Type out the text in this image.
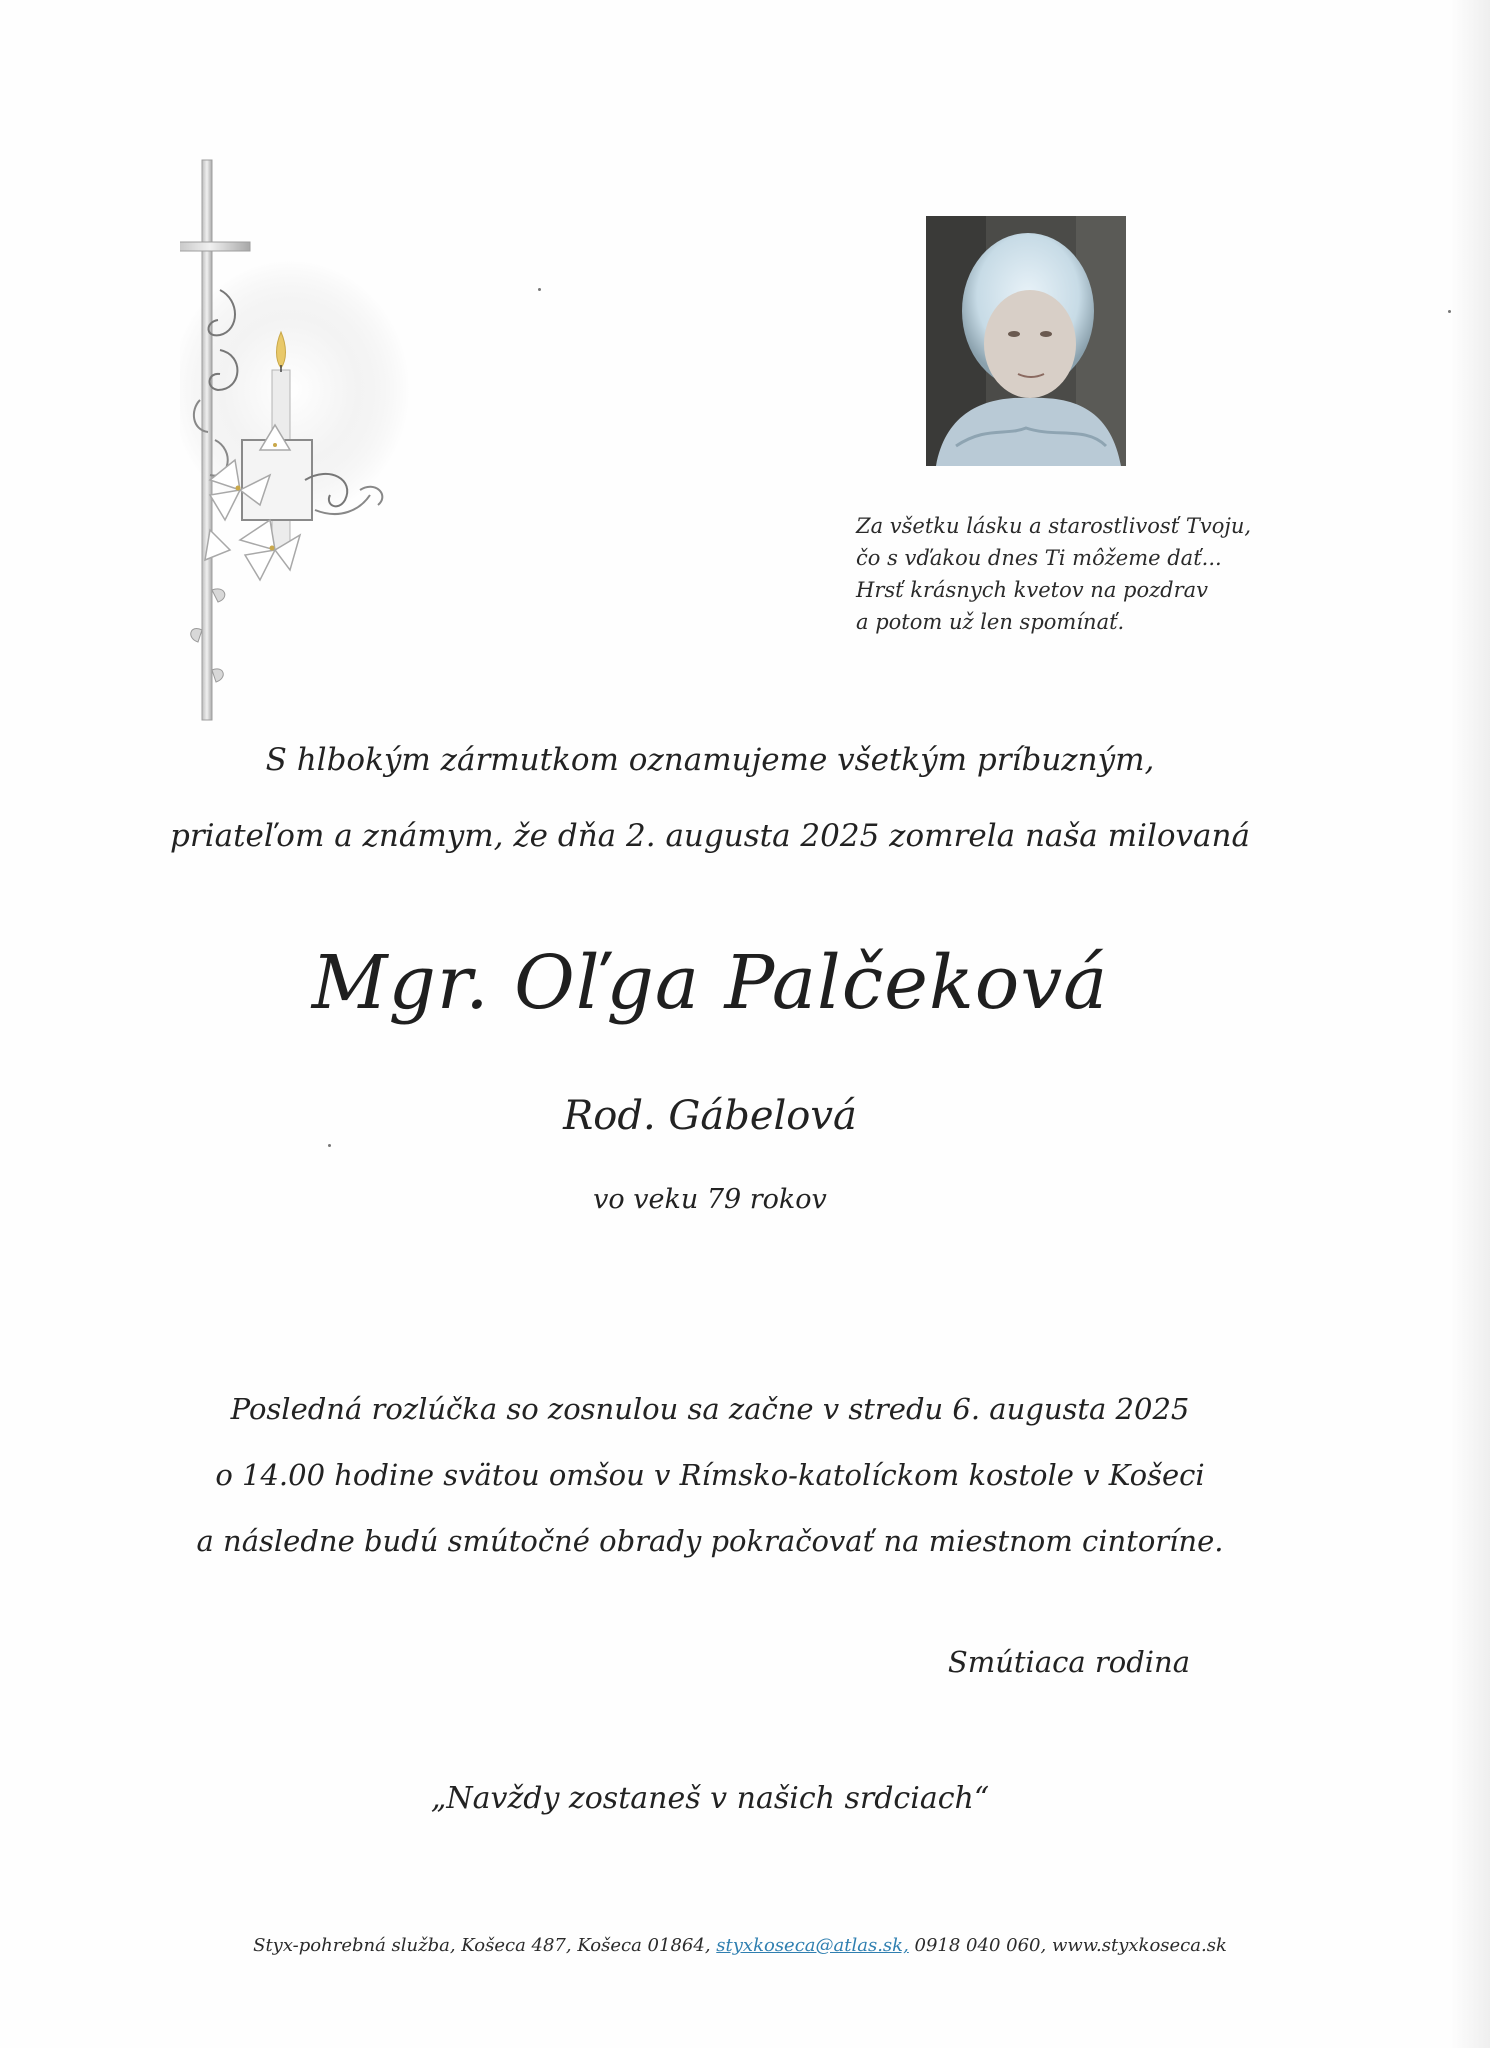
Za všetku lásku a starostlivosť Tvoju,
čo s vďakou dnes Ti môžeme dať...
Hrsť krásnych kvetov na pozdrav
a potom už len spomínať.
S hlbokým zármutkom oznamujeme všetkým príbuzným,
priateľom a známym, že dňa 2. augusta 2025 zomrela naša milovaná
Mgr. Oľga Palčeková
Rod. Gábelová
vo veku 79 rokov
Posledná rozlúčka so zosnulou sa začne v stredu 6. augusta 2025
o 14.00 hodine svätou omšou v Rímsko-katolíckom kostole v Košeci
a následne budú smútočné obrady pokračovať na miestnom cintoríne.
Smútiaca rodina
„Navždy zostaneš v našich srdciach“
Styx-pohrebná služba, Košeca 487, Košeca 01864, styxkoseca@atlas.sk, 0918 040 060, www.styxkoseca.sk
